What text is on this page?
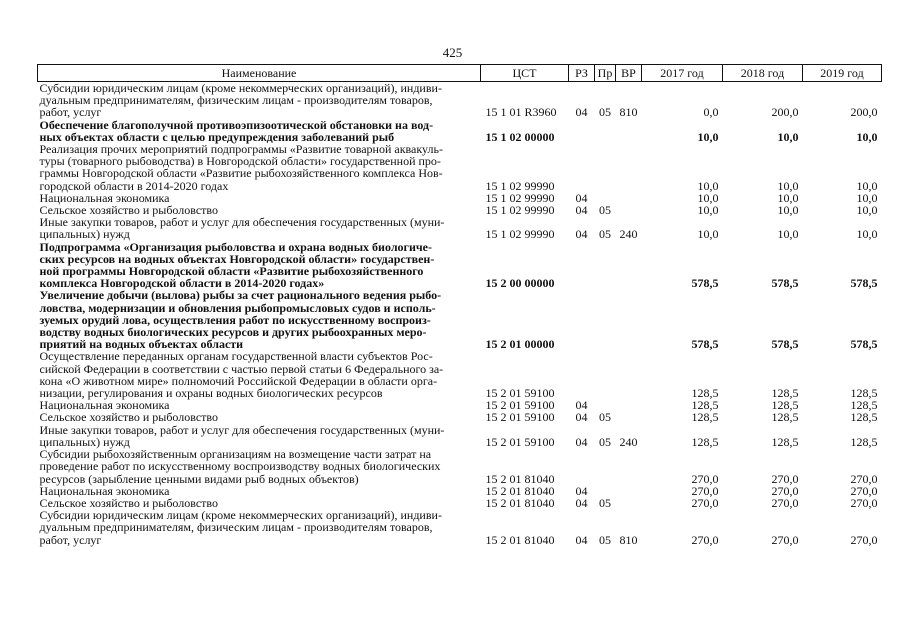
425
Наименование	ЦСТ	РЗ	Пр	ВР	2017 год	2018 год	2019 год

Субсидии юридическим лицам (кроме некоммерческих организаций), индиви-
дуальным предпринимателям, физическим лицам - производителям товаров,
работ, услуг	15 1 01 R3960	04	05	810	0,0	200,0	200,0

Обеспечение благополучной противоэпизоотической обстановки на вод-
ных объектах области с целью предупреждения заболеваний рыб	15 1 02 00000				10,0	10,0	10,0

Реализация прочих мероприятий подпрограммы «Развитие товарной аквакуль-
туры (товарного рыбоводства) в Новгородской области» государственной про-
граммы Новгородской области «Развитие рыбохозяйственного комплекса Нов-
городской области в 2014-2020 годах	15 1 02 99990				10,0	10,0	10,0

Национальная экономика	15 1 02 99990	04			10,0	10,0	10,0

Сельское хозяйство и рыболовство	15 1 02 99990	04	05		10,0	10,0	10,0

Иные закупки товаров, работ и услуг для обеспечения государственных (муни-
ципальных) нужд	15 1 02 99990	04	05	240	10,0	10,0	10,0

Подпрограмма «Организация рыболовства и охрана водных биологиче-
ских ресурсов на водных объектах Новгородской области» государствен-
ной программы Новгородской области «Развитие рыбохозяйственного
комплекса Новгородской области в 2014-2020 годах»	15 2 00 00000				578,5	578,5	578,5

Увеличение добычи (вылова) рыбы за счет рационального ведения рыбо-
ловства, модернизации и обновления рыбопромысловых судов и исполь-
зуемых орудий лова, осуществления работ по искусственному воспроиз-
водству водных биологических ресурсов и других рыбоохранных меро-
приятий на водных объектах области	15 2 01 00000				578,5	578,5	578,5

Осуществление переданных органам государственной власти субъектов Рос-
сийской Федерации в соответствии с частью первой статьи 6 Федерального за-
кона «О животном мире» полномочий Российской Федерации в области орга-
низации, регулирования и охраны водных биологических ресурсов	15 2 01 59100				128,5	128,5	128,5

Национальная экономика	15 2 01 59100	04			128,5	128,5	128,5

Сельское хозяйство и рыболовство	15 2 01 59100	04	05		128,5	128,5	128,5

Иные закупки товаров, работ и услуг для обеспечения государственных (муни-
ципальных) нужд	15 2 01 59100	04	05	240	128,5	128,5	128,5

Субсидии рыбохозяйственным организациям на возмещение части затрат на
проведение работ по искусственному воспроизводству водных биологических
ресурсов (зарыбление ценными видами рыб водных объектов)	15 2 01 81040				270,0	270,0	270,0

Национальная экономика	15 2 01 81040	04			270,0	270,0	270,0

Сельское хозяйство и рыболовство	15 2 01 81040	04	05		270,0	270,0	270,0

Субсидии юридическим лицам (кроме некоммерческих организаций), индиви-
дуальным предпринимателям, физическим лицам - производителям товаров,
работ, услуг	15 2 01 81040	04	05	810	270,0	270,0	270,0
